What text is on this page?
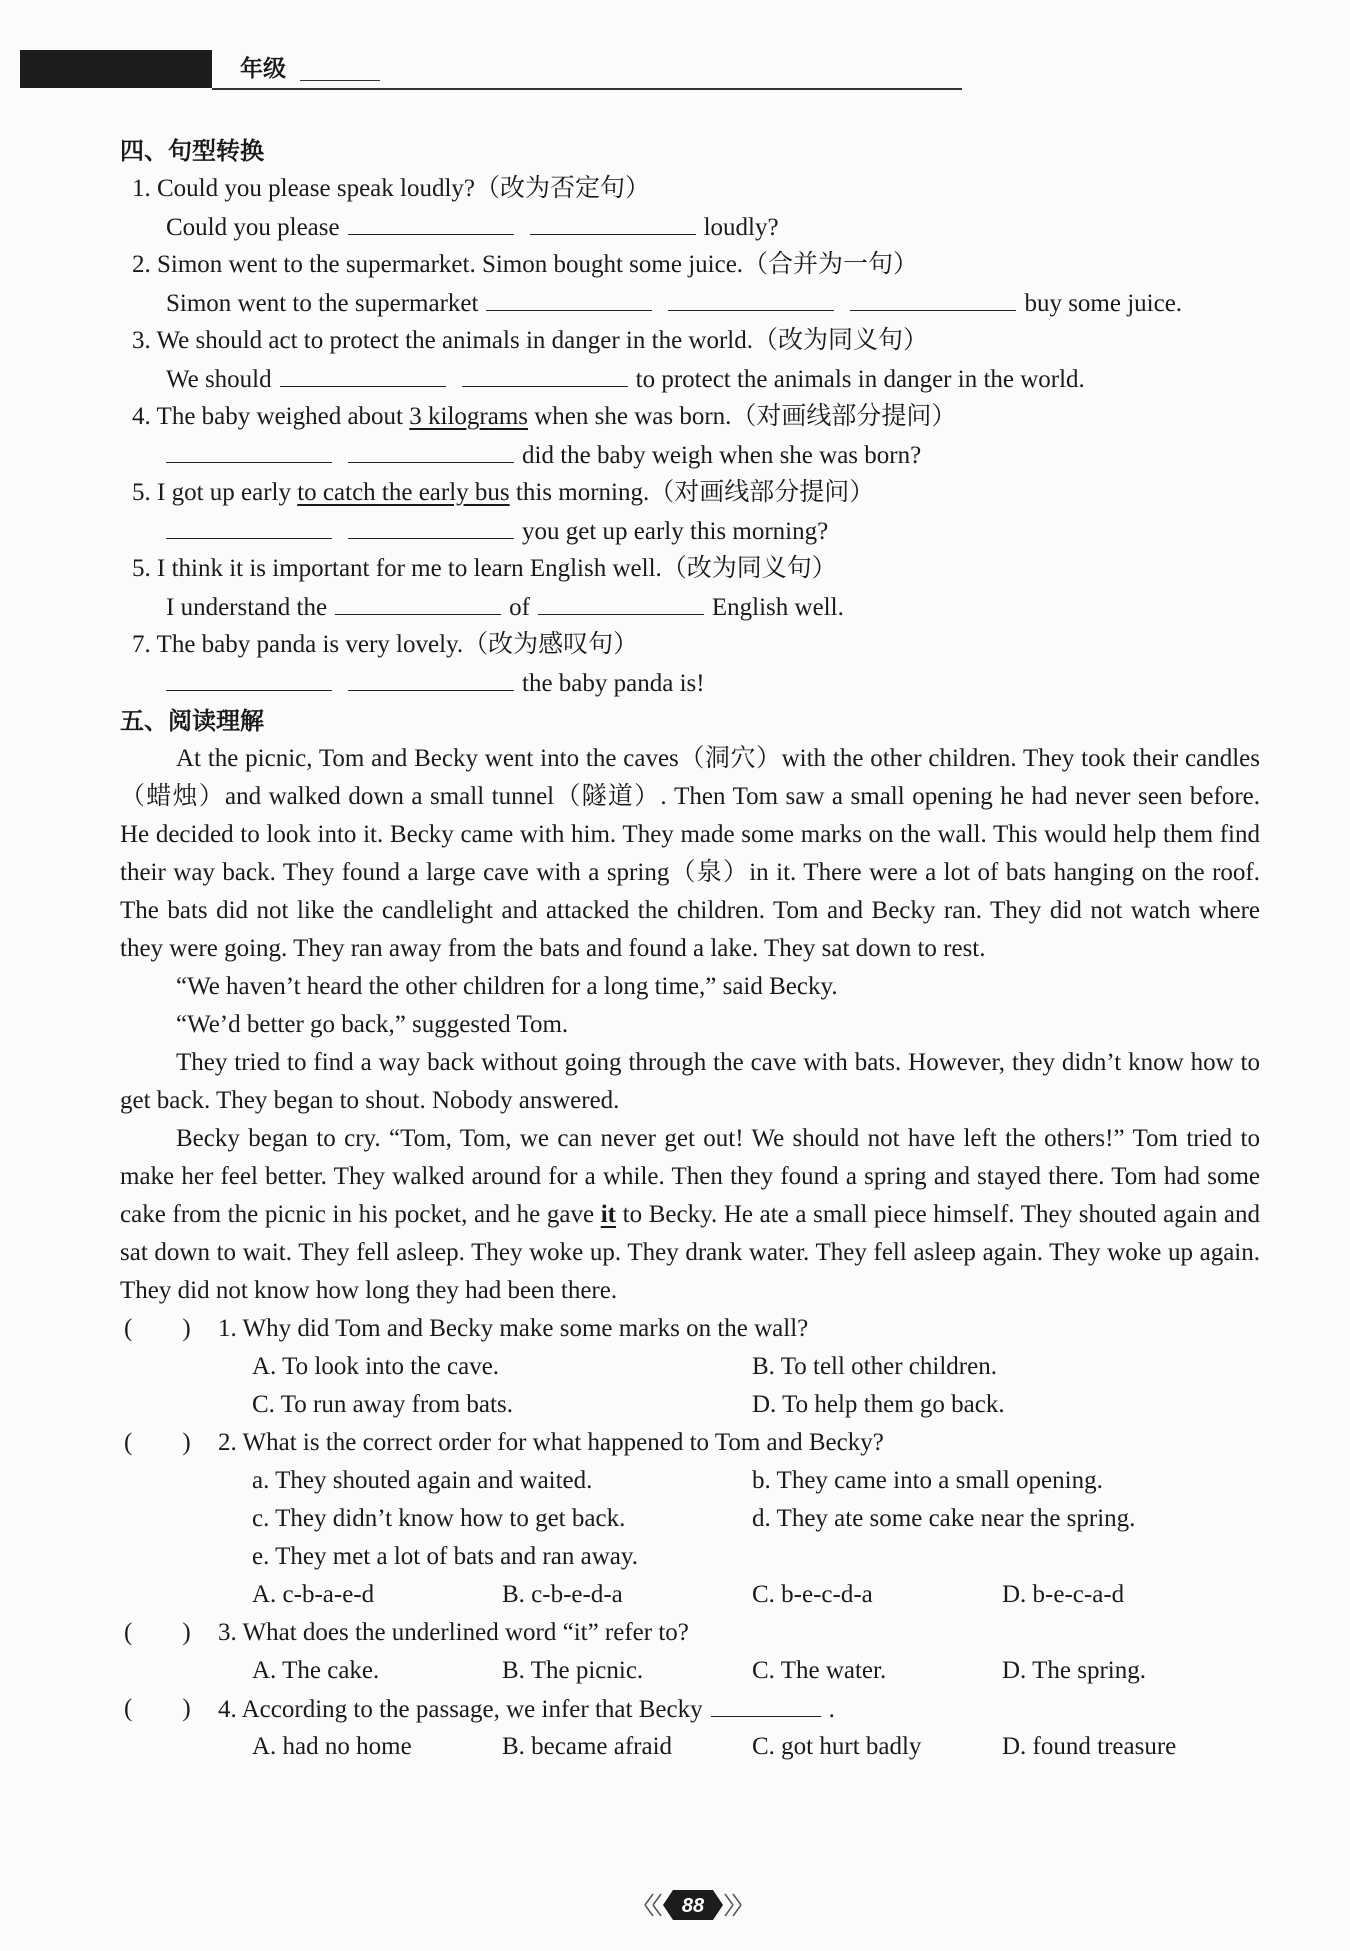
年级
四、句型转换
1. Could you please speak loudly?（改为否定句）
Could you please	loudly?
2. Simon went to the supermarket. Simon bought some juice.（合并为一句）
Simon went to the supermarket	buy some juice.
3. We should act to protect the animals in danger in the world.（改为同义句）
We should	to protect the animals in danger in the world.
4. The baby weighed about 3 kilograms when she was born.（对画线部分提问）
did the baby weigh when she was born?
5. I got up early to catch the early bus this morning.（对画线部分提问）
you get up early this morning?
5. I think it is important for me to learn English well.（改为同义句）
I understand the	of	English well.
7. The baby panda is very lovely.（改为感叹句）
the baby panda is!
五、阅读理解
At the picnic, Tom and Becky went into the caves（洞穴）with the other children. They took their candles（蜡烛）and walked down a small tunnel（隧道）. Then Tom saw a small opening he had never seen before. He decided to look into it. Becky came with him. They made some marks on the wall. This would help them find their way back. They found a large cave with a spring（泉）in it. There were a lot of bats hanging on the roof. The bats did not like the candlelight and attacked the children. Tom and Becky ran. They did not watch where they were going. They ran away from the bats and found a lake. They sat down to rest.
“We haven’t heard the other children for a long time,” said Becky.
“We’d better go back,” suggested Tom.
They tried to find a way back without going through the cave with bats. However, they didn’t know how to get back. They began to shout. Nobody answered.
Becky began to cry. “Tom, Tom, we can never get out! We should not have left the others!” Tom tried to make her feel better. They walked around for a while. Then they found a spring and stayed there. Tom had some cake from the picnic in his pocket, and he gave it to Becky. He ate a small piece himself. They shouted again and sat down to wait. They fell asleep. They woke up. They drank water. They fell asleep again. They woke up again. They did not know how long they had been there.
(　　) 1. Why did Tom and Becky make some marks on the wall?
A. To look into the cave.	B. To tell other children.
C. To run away from bats.	D. To help them go back.
(　　) 2. What is the correct order for what happened to Tom and Becky?
a. They shouted again and waited.	b. They came into a small opening.
c. They didn’t know how to get back.	d. They ate some cake near the spring.
e. They met a lot of bats and ran away.
A. c-b-a-e-d	B. c-b-e-d-a	C. b-e-c-d-a	D. b-e-c-a-d
(　　) 3. What does the underlined word “it” refer to?
A. The cake.	B. The picnic.	C. The water.	D. The spring.
(　　) 4. According to the passage, we infer that Becky	.
A. had no home	B. became afraid	C. got hurt badly	D. found treasure
88
